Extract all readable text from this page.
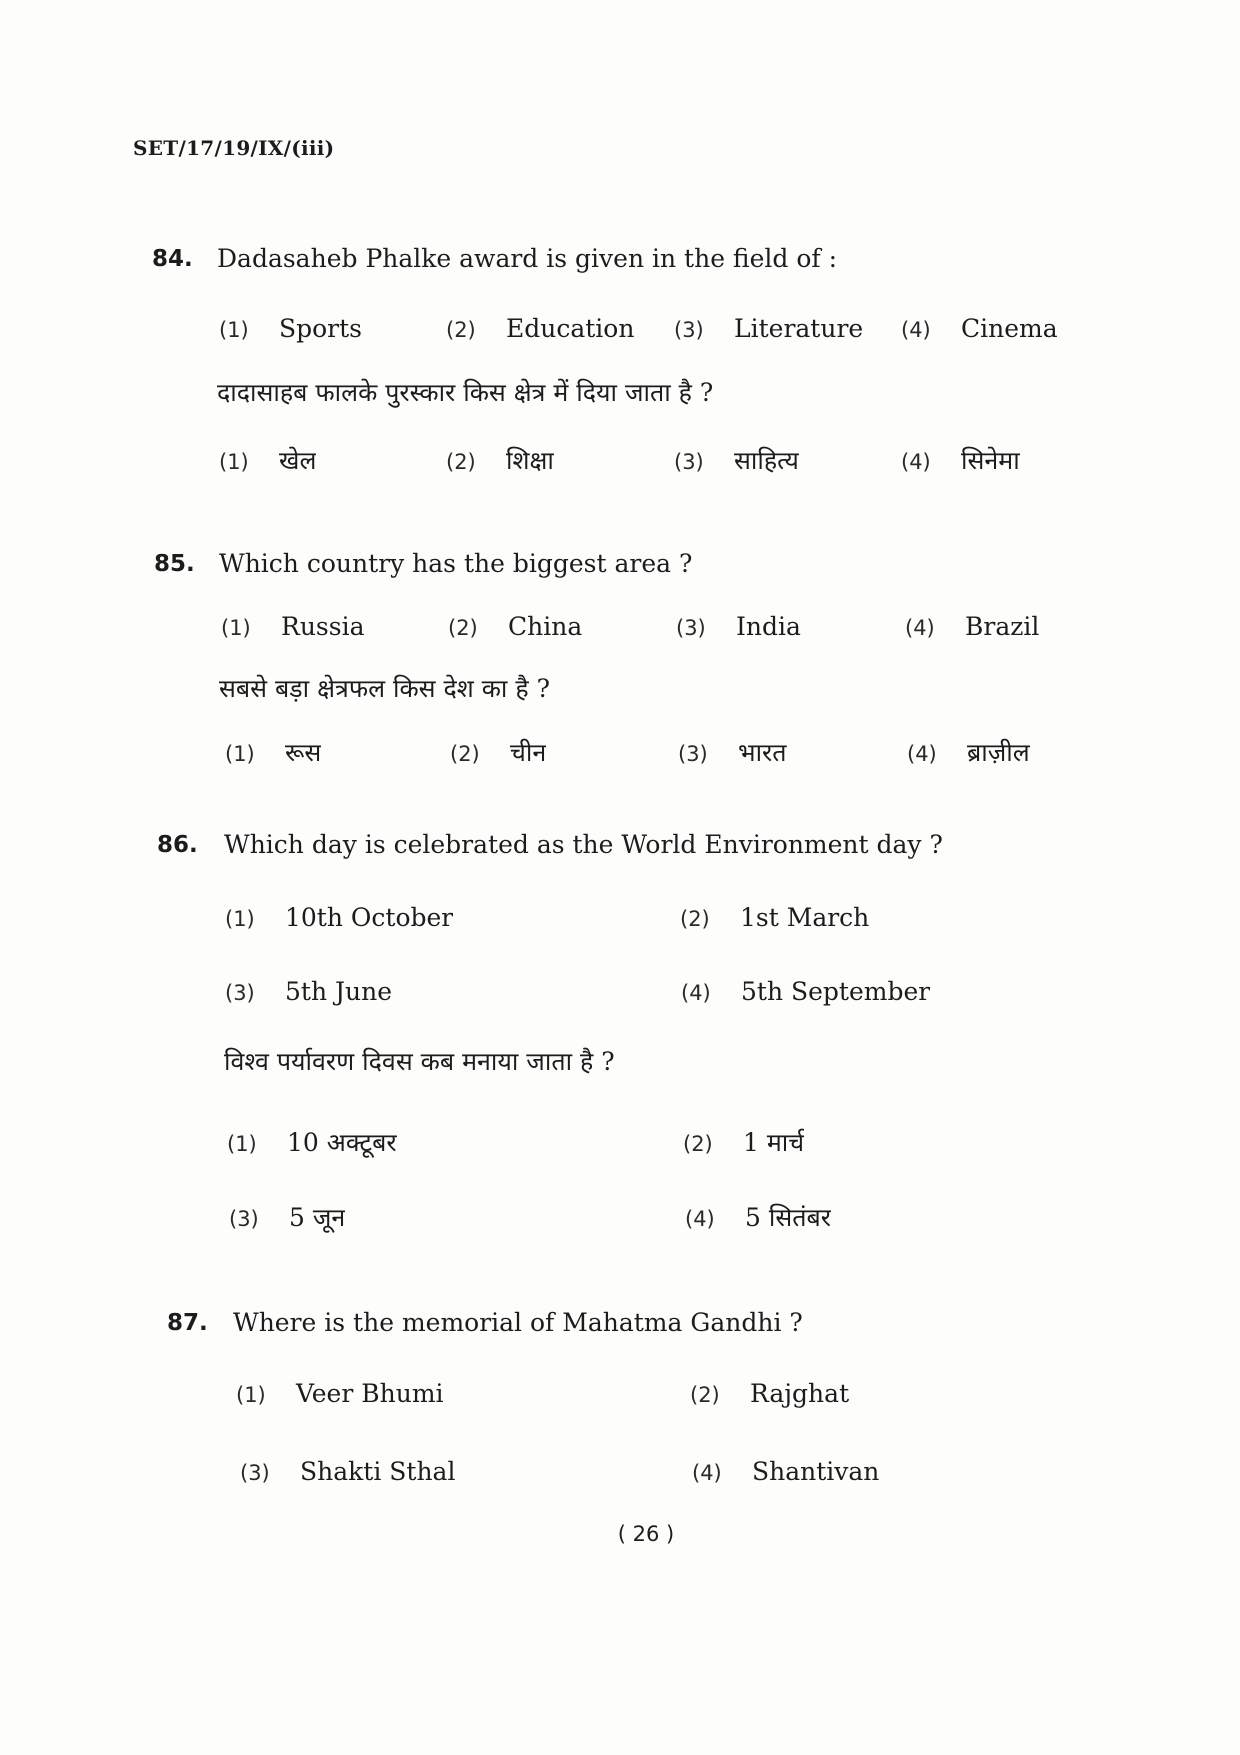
SET/17/19/IX/(iii)
84. Dadasaheb Phalke award is given in the field of :
(1) Sports	(2) Education (3) Literature (4) Cinema
दादासाहब फालके पुरस्कार किस क्षेत्र में दिया जाता है ?
(1) खेल	(2) शिक्षा	(3) साहित्य	(4) सिनेमा
85. Which country has the biggest area ?
(1) Russia	(2) China	(3) India	(4) Brazil
सबसे बड़ा क्षेत्रफल किस देश का है ?
(1) रूस	(2) चीन	(3) भारत	(4) ब्राज़ील
86. Which day is celebrated as the World Environment day ?
(1) 10th October	(2) 1st March
(3) 5th June	(4) 5th September
विश्व पर्यावरण दिवस कब मनाया जाता है ?
(1) 10 अक्टूबर	(2) 1 मार्च
(3) 5 जून	(4) 5 सितंबर
87. Where is the memorial of Mahatma Gandhi ?
(1) Veer Bhumi	(2) Rajghat
(3) Shakti Sthal	(4) Shantivan
( 26 )
